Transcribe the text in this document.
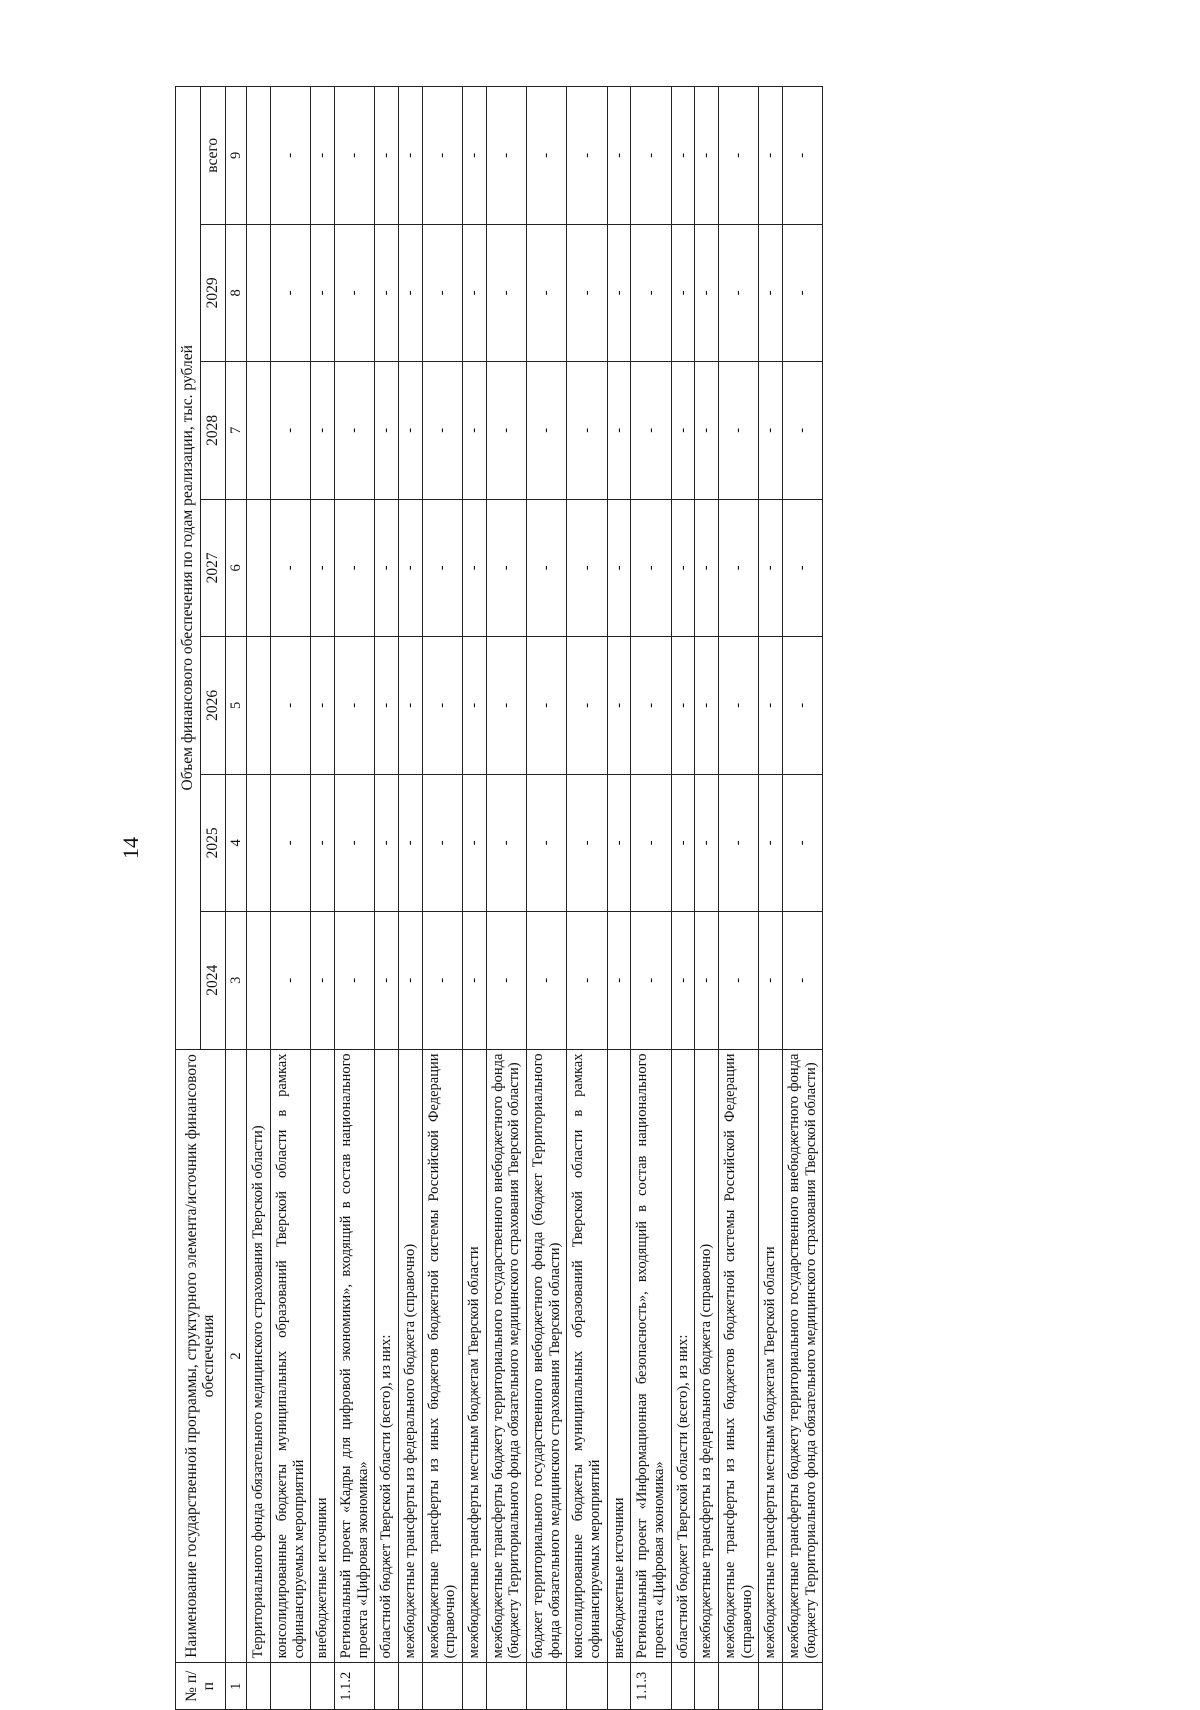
14
№ п/п	Наименование государственной программы, структурного элемента/источник финансового обеспечения	Объем финансового обеспечения по годам реализации, тыс. рублей						
		2024	2025	2026	2027	2028	2029	всего
1	2	3	4	5	6	7	8	9
	Территориального фонда обязательного медицинского страхования Тверской области)							
	консолидированные бюджеты муниципальных образований Тверской области в рамках софинансируемых мероприятий	-	-	-	-	-	-	-
	внебюджетные источники	-	-	-	-	-	-	-
1.1.2	Региональный проект «Кадры для цифровой экономики», входящий в состав национального проекта «Цифровая экономика»	-	-	-	-	-	-	-
	областной бюджет Тверской области (всего), из них:	-	-	-	-	-	-	-
	межбюджетные трансферты из федерального бюджета (справочно)	-	-	-	-	-	-	-
	межбюджетные трансферты из иных бюджетов бюджетной системы Российской Федерации (справочно)	-	-	-	-	-	-	-
	межбюджетные трансферты местным бюджетам Тверской области	-	-	-	-	-	-	-
	межбюджетные трансферты бюджету территориального государственного внебюджетного фонда (бюджету Территориального фонда обязательного медицинского страхования Тверской области)	-	-	-	-	-	-	-
	бюджет территориального государственного внебюджетного фонда (бюджет Территориального фонда обязательного медицинского страхования Тверской области)	-	-	-	-	-	-	-
	консолидированные бюджеты муниципальных образований Тверской области в рамках софинансируемых мероприятий	-	-	-	-	-	-	-
	внебюджетные источники	-	-	-	-	-	-	-
1.1.3	Региональный проект «Информационная безопасность», входящий в состав национального проекта «Цифровая экономика»	-	-	-	-	-	-	-
	областной бюджет Тверской области (всего), из них:	-	-	-	-	-	-	-
	межбюджетные трансферты из федерального бюджета (справочно)	-	-	-	-	-	-	-
	межбюджетные трансферты из иных бюджетов бюджетной системы Российской Федерации (справочно)	-	-	-	-	-	-	-
	межбюджетные трансферты местным бюджетам Тверской области	-	-	-	-	-	-	-
	межбюджетные трансферты бюджету территориального государственного внебюджетного фонда (бюджету Территориального фонда обязательного медицинского страхования Тверской области)	-	-	-	-	-	-	-
